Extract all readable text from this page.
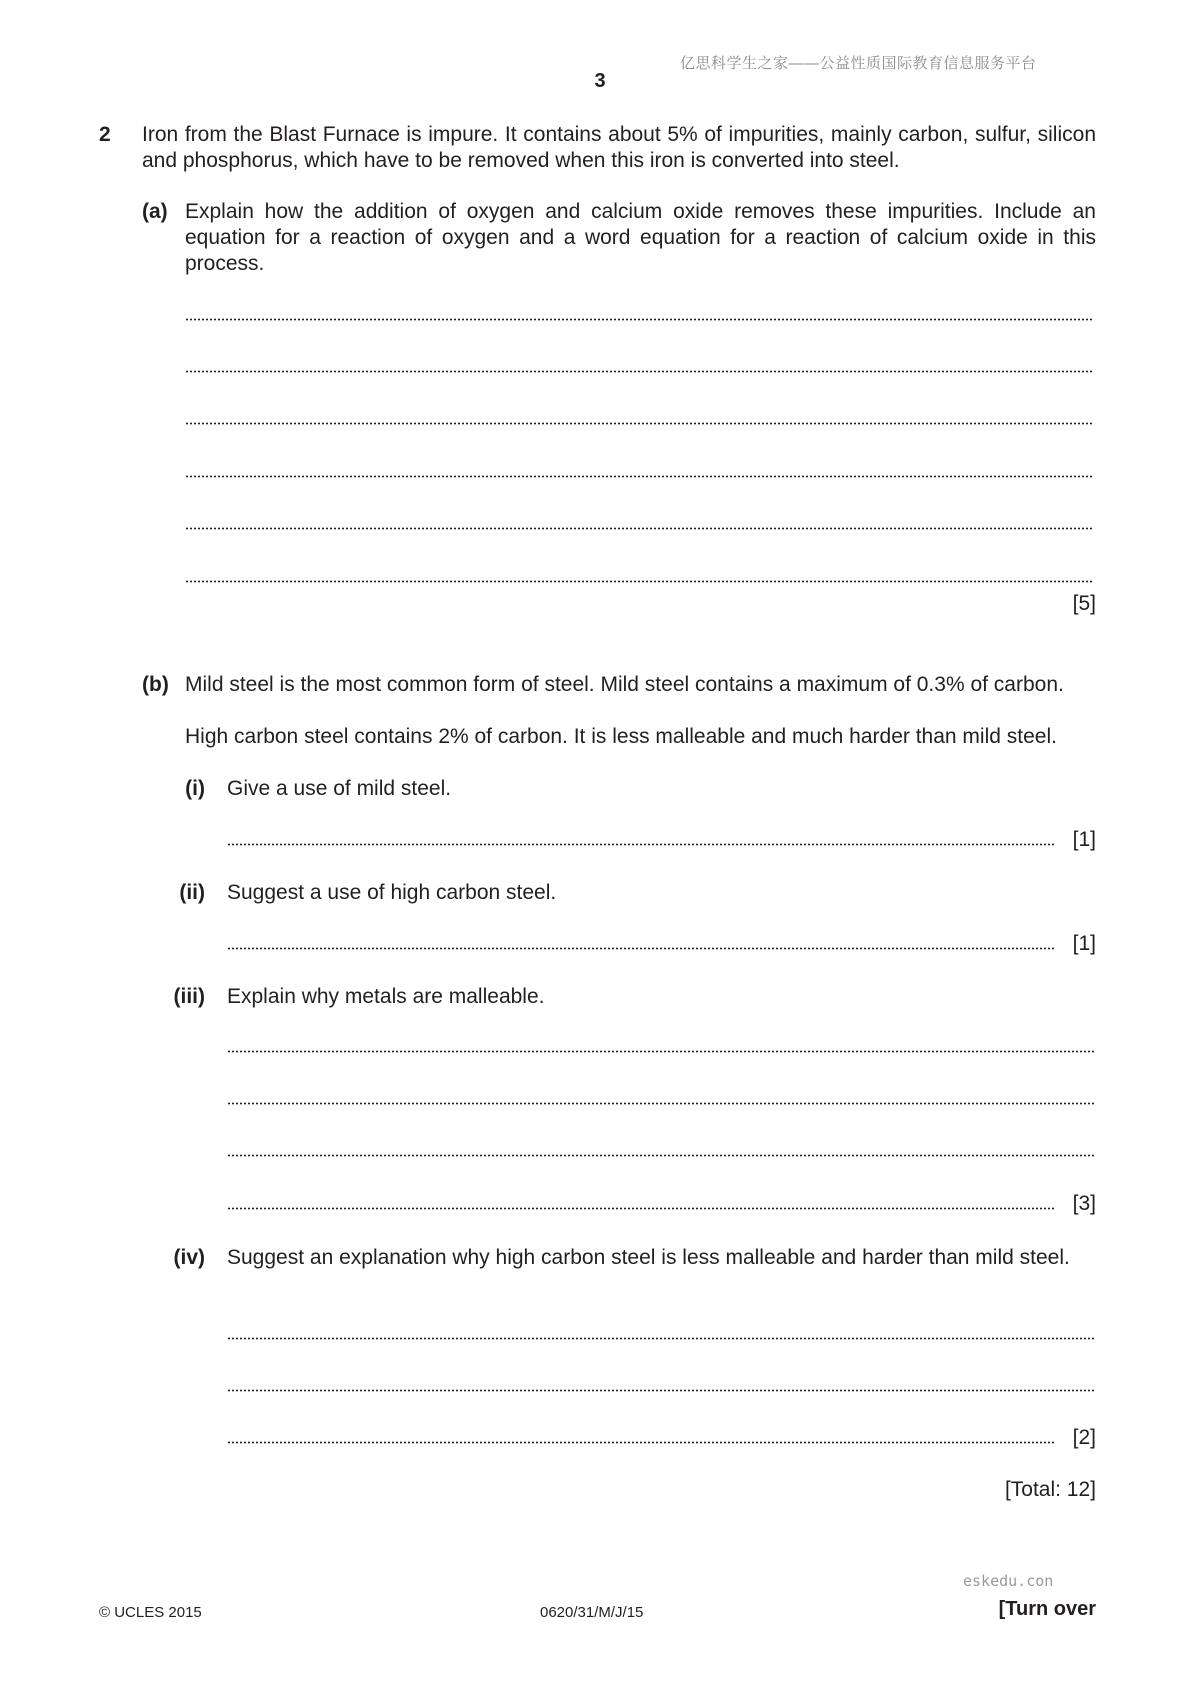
亿思科学生之家——公益性质国际教育信息服务平台
3
2 Iron from the Blast Furnace is impure. It contains about 5% of impurities, mainly carbon, sulfur, silicon and phosphorus, which have to be removed when this iron is converted into steel.
(a) Explain how the addition of oxygen and calcium oxide removes these impurities. Include an equation for a reaction of oxygen and a word equation for a reaction of calcium oxide in this process.
[5]
(b) Mild steel is the most common form of steel. Mild steel contains a maximum of 0.3% of carbon.
High carbon steel contains 2% of carbon. It is less malleable and much harder than mild steel.
(i) Give a use of mild steel.
[1]
(ii) Suggest a use of high carbon steel.
[1]
(iii) Explain why metals are malleable.
[3]
(iv) Suggest an explanation why high carbon steel is less malleable and harder than mild steel.
[2]
[Total: 12]
eskedu.con
© UCLES 2015	0620/31/M/J/15	[Turn over
